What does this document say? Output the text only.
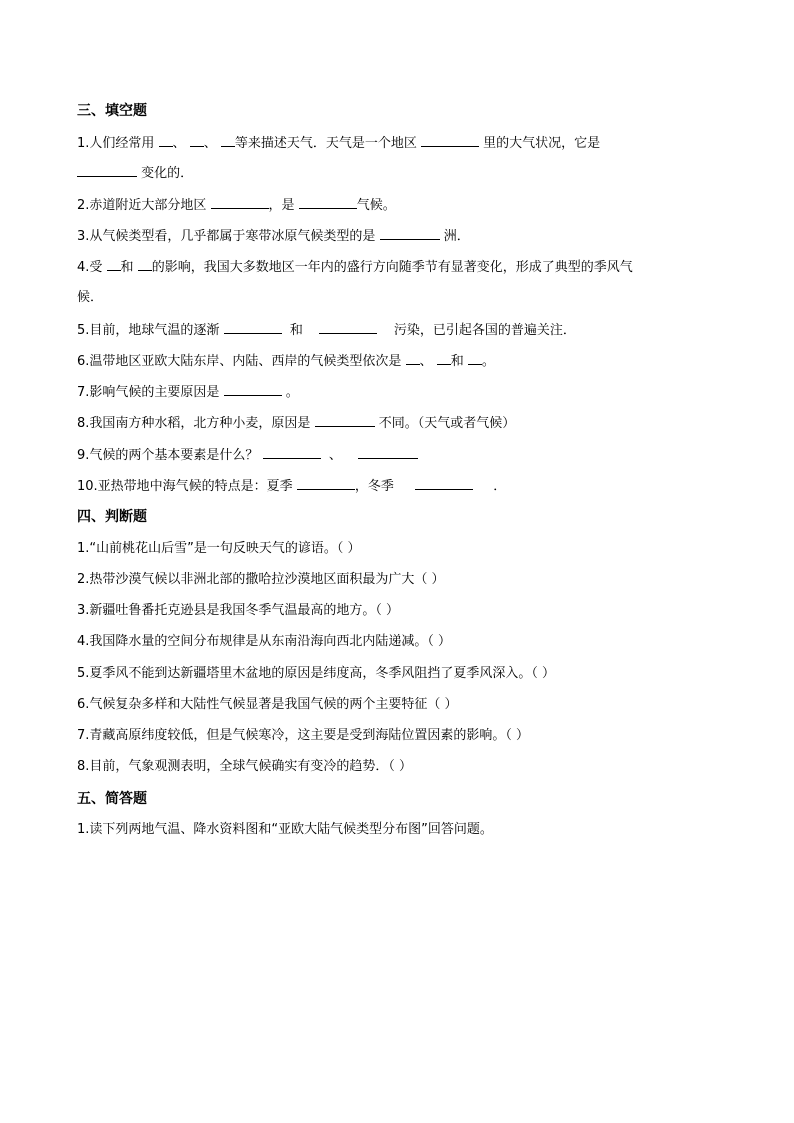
三、填空题
1.人们经常用 、 、 等来描述天气．天气是一个地区	里的大气状况，它是
变化的．
2.赤道附近大部分地区	，是	气候。
3.从气候类型看，几乎都属于寒带冰原气候类型的是	洲．
4.受 和 的影响，我国大多数地区一年内的盛行方向随季节有显著变化，形成了典型的季风气
候．
5.目前，地球气温的逐渐	和	污染，已引起各国的普遍关注．
6.温带地区亚欧大陆东岸、内陆、西岸的气候类型依次是 、 和 。
7.影响气候的主要原因是	。
8.我国南方种水稻，北方种小麦，原因是	不同。（天气或者气候）
9.气候的两个基本要素是什么？	、
10.亚热带地中海气候的特点是：夏季	，冬季	．
四、判断题
1.“山前桃花山后雪”是一句反映天气的谚语。（ ）
2.热带沙漠气候以非洲北部的撒哈拉沙漠地区面积最为广大（ ）
3.新疆吐鲁番托克逊县是我国冬季气温最高的地方。（ ）
4.我国降水量的空间分布规律是从东南沿海向西北内陆递减。（ ）
5.夏季风不能到达新疆塔里木盆地的原因是纬度高，冬季风阻挡了夏季风深入。（ ）
6.气候复杂多样和大陆性气候显著是我国气候的两个主要特征（ ）
7.青藏高原纬度较低，但是气候寒冷，这主要是受到海陆位置因素的影响。（ ）
8.目前，气象观测表明，全球气候确实有变冷的趋势．（ ）
五、简答题
1.读下列两地气温、降水资料图和“亚欧大陆气候类型分布图”回答问题。
